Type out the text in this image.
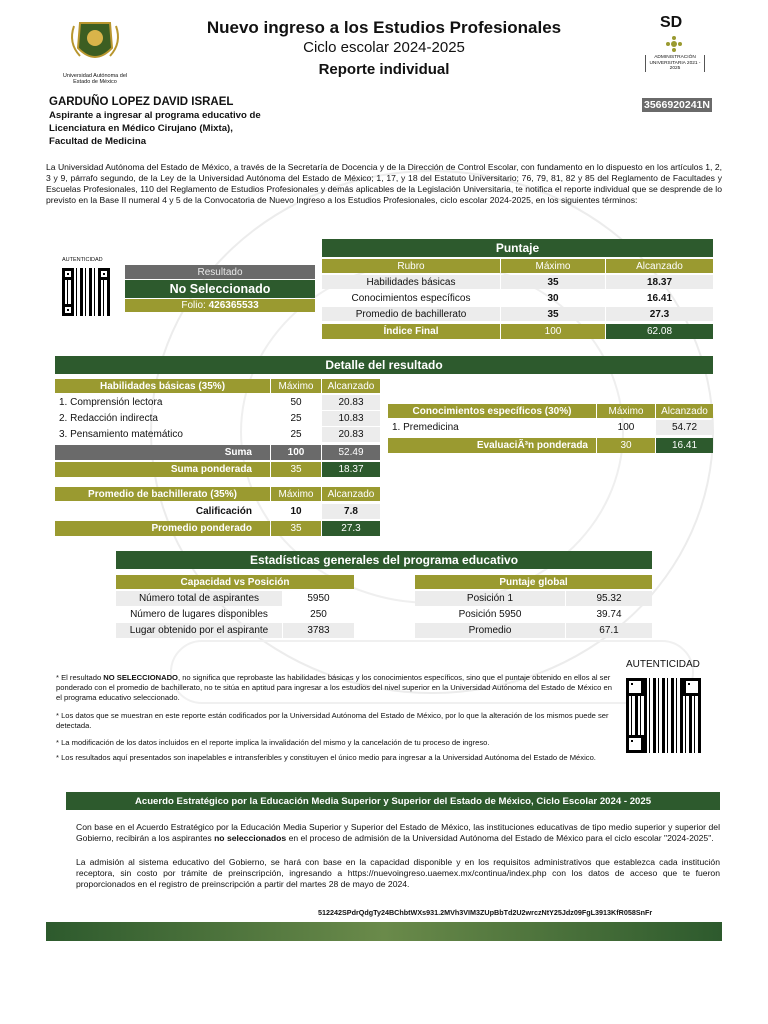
Universidad Autónoma del Estado de México
Nuevo ingreso a los Estudios Profesionales
Ciclo escolar 2024-2025
Reporte individual
SD
ADMINISTRACIÓN UNIVERSITARIA 2021 - 2025
GARDUÑO LOPEZ DAVID ISRAEL
Aspirante a ingresar al programa educativo de
Licenciatura en Médico Cirujano (Mixta),
Facultad de Medicina
3566920241N
La Universidad Autónoma del Estado de México, a través de la Secretaría de Docencia y de la Dirección de Control Escolar, con fundamento en lo dispuesto en los artículos 1, 2, 3 y 9, párrafo segundo, de la Ley de la Universidad Autónoma del Estado de México; 1, 17, y 18 del Estatuto Universitario; 76, 79, 81, 82 y 85 del Reglamento de Facultades y Escuelas Profesionales, 110 del Reglamento de Estudios Profesionales y demás aplicables de la Legislación Universitaria, te notifica el reporte individual que se desprende de lo previsto en la Base II numeral 4 y 5 de la Convocatoria de Nuevo Ingreso a los Estudios Profesionales, ciclo escolar 2024-2025, en los siguientes términos:
AUTENTICIDAD
Resultado
No Seleccionado
Folio:
426365533
Puntaje
Rubro	Máximo	Alcanzado
Habilidades básicas	35	18.37
Conocimientos específicos	30	16.41
Promedio de bachillerato	35	27.3
Índice Final	100	62.08
Detalle del resultado
Habilidades básicas (35%)	Máximo	Alcanzado
1. Comprensión lectora	50	20.83
2. Redacción indirecta	25	10.83
3. Pensamiento matemático	25	20.83
Suma	100	52.49
Suma ponderada	35	18.37
Conocimientos específicos (30%)	Máximo	Alcanzado
1. Premedicina	100	54.72
EvaluaciÃ³n ponderada	30	16.41
Promedio de bachillerato (35%)	Máximo	Alcanzado
Calificación	10	7.8
Promedio ponderado	35	27.3
Estadísticas generales del programa educativo
Capacidad vs Posición
Número total de aspirantes	5950
Número de lugares disponibles	250
Lugar obtenido por el aspirante	3783
Puntaje global
Posición 1	95.32
Posición 5950	39.74
Promedio	67.1
* El resultado NO SELECCIONADO, no significa que reprobaste las habilidades básicas y los conocimientos específicos, sino que el puntaje obtenido en ellos al ser ponderado con el promedio de bachillerato, no te sitúa en aptitud para ingresar a los estudios del nivel superior en la Universidad Autónoma del Estado de México en el programa educativo seleccionado.
* Los datos que se muestran en este reporte están codificados por la Universidad Autónoma del Estado de México, por lo que la alteración de los mismos puede ser detectada.
* La modificación de los datos incluidos en el reporte implica la invalidación del mismo y la cancelación de tu proceso de ingreso.
* Los resultados aquí presentados son inapelables e intransferibles y constituyen el único medio para ingresar a la Universidad Autónoma del Estado de México.
AUTENTICIDAD
Acuerdo Estratégico por la Educación Media Superior y Superior del Estado de México, Ciclo Escolar 2024 - 2025
Con base en el Acuerdo Estratégico por la Educación Media Superior y Superior del Estado de México, las instituciones educativas de tipo medio superior y superior del Gobierno, recibirán a los aspirantes no seleccionados en el proceso de admisión de la Universidad Autónoma del Estado de México para el ciclo escolar "2024-2025".
La admisión al sistema educativo del Gobierno, se hará con base en la capacidad disponible y en los requisitos administrativos que establezca cada institución receptora, sin costo por trámite de preinscripción, ingresando a https://nuevoingreso.uaemex.mx/continua/index.php con los datos de acceso que te fueron proporcionados en el registro de preinscripción a partir del martes 28 de mayo de 2024.
512242SPdrQdgTy24BChbtWXs931.2MVh3VIM3ZUpBbTd2U2wrczNtY25Jdz09FgL3913KfR058SnFr
